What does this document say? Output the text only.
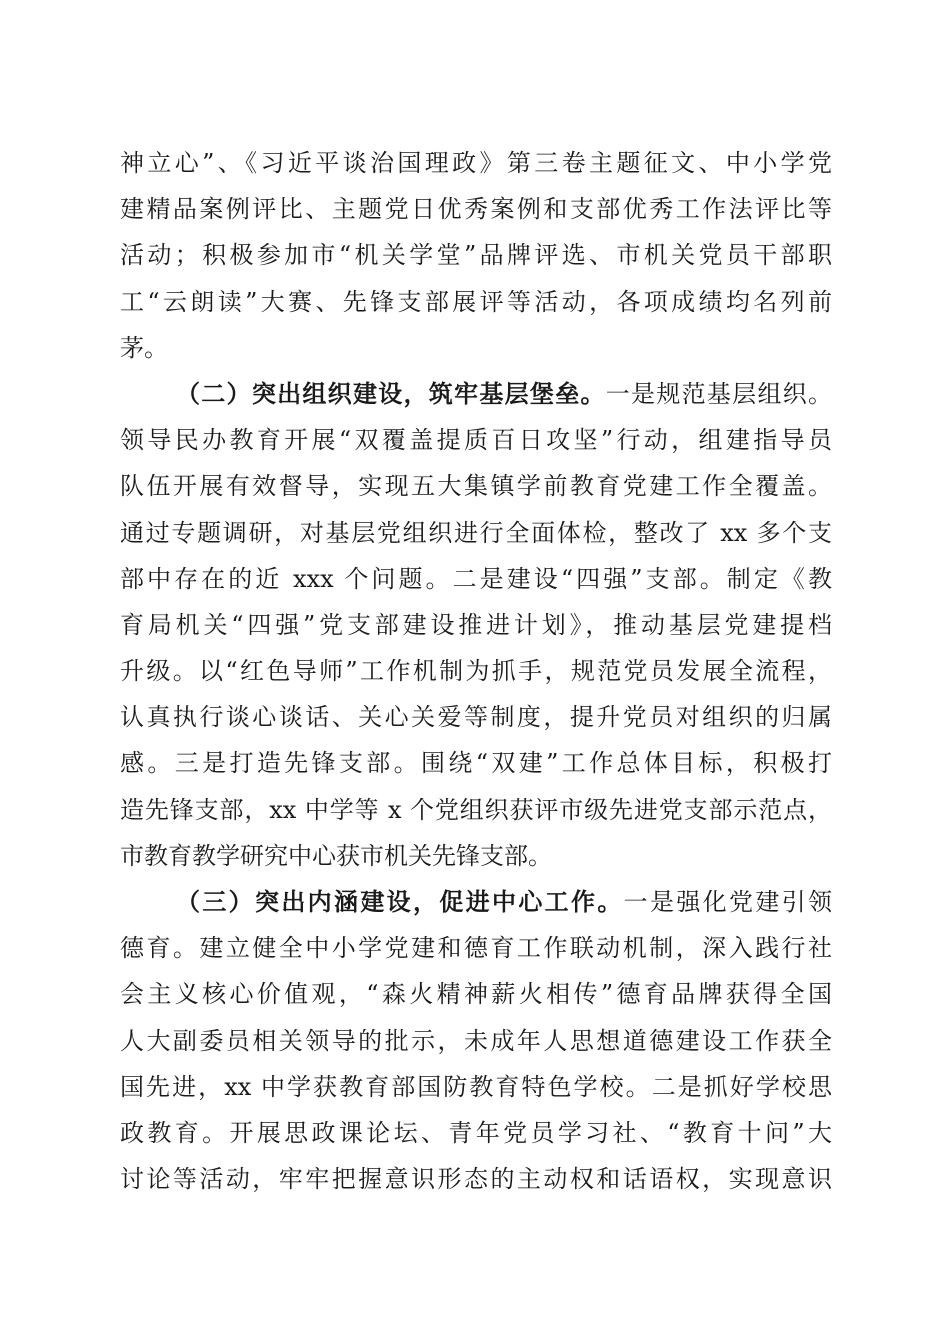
神立心”、《习近平谈治国理政》第三卷主题征文、中小学党
建精品案例评比、主题党日优秀案例和支部优秀工作法评比等
活动；积极参加市“机关学堂”品牌评选、市机关党员干部职
工“云朗读”大赛、先锋支部展评等活动，各项成绩均名列前
茅。
（二）突出组织建设，筑牢基层堡垒。一是规范基层组织。
领导民办教育开展“双覆盖提质百日攻坚”行动，组建指导员
队伍开展有效督导，实现五大集镇学前教育党建工作全覆盖。
通过专题调研，对基层党组织进行全面体检，整改了 xx 多个支
部中存在的近 xxx 个问题。二是建设“四强”支部。制定《教
育局机关“四强”党支部建设推进计划》，推动基层党建提档
升级。以“红色导师”工作机制为抓手，规范党员发展全流程，
认真执行谈心谈话、关心关爱等制度，提升党员对组织的归属
感。三是打造先锋支部。围绕“双建”工作总体目标，积极打
造先锋支部，xx 中学等 x 个党组织获评市级先进党支部示范点，
市教育教学研究中心获市机关先锋支部。
（三）突出内涵建设，促进中心工作。一是强化党建引领
德育。建立健全中小学党建和德育工作联动机制，深入践行社
会主义核心价值观，“森火精神薪火相传”德育品牌获得全国
人大副委员相关领导的批示，未成年人思想道德建设工作获全
国先进，xx 中学获教育部国防教育特色学校。二是抓好学校思
政教育。开展思政课论坛、青年党员学习社、“教育十问”大
讨论等活动，牢牢把握意识形态的主动权和话语权，实现意识
